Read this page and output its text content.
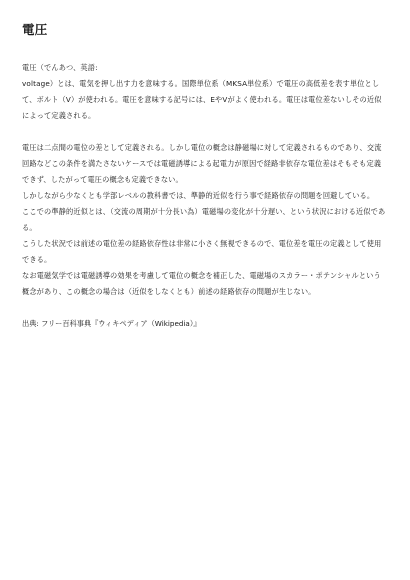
電圧

電圧（でんあつ、英語:

voltage）とは、電気を押し出す力を意味する。国際単位系（MKSA単位系）で電圧の高低差を表す単位として、ボルト（V）が使われる。電圧を意味する記号には、EやVがよく使われる。電圧は電位差ないしその近似によって定義される。

電圧は二点間の電位の差として定義される。しかし電位の概念は静磁場に対して定義されるものであり、交流回路などこの条件を満たさないケースでは電磁誘導による起電力が原因で経路非依存な電位差はそもそも定義できず、したがって電圧の概念も定義できない。

しかしながら少なくとも学部レベルの教科書では、準静的近似を行う事で経路依存の問題を回避している。

ここでの準静的近似とは、（交流の周期が十分長い為）電磁場の変化が十分遅い、という状況における近似である。

こうした状況では前述の電位差の経路依存性は非常に小さく無視できるので、電位差を電圧の定義として使用できる。

なお電磁気学では電磁誘導の効果を考慮して電位の概念を補正した、電磁場のスカラー・ポテンシャルという概念があり、この概念の場合は（近似をしなくとも）前述の経路依存の問題が生じない。

出典: フリー百科事典『ウィキペディア（Wikipedia）』
